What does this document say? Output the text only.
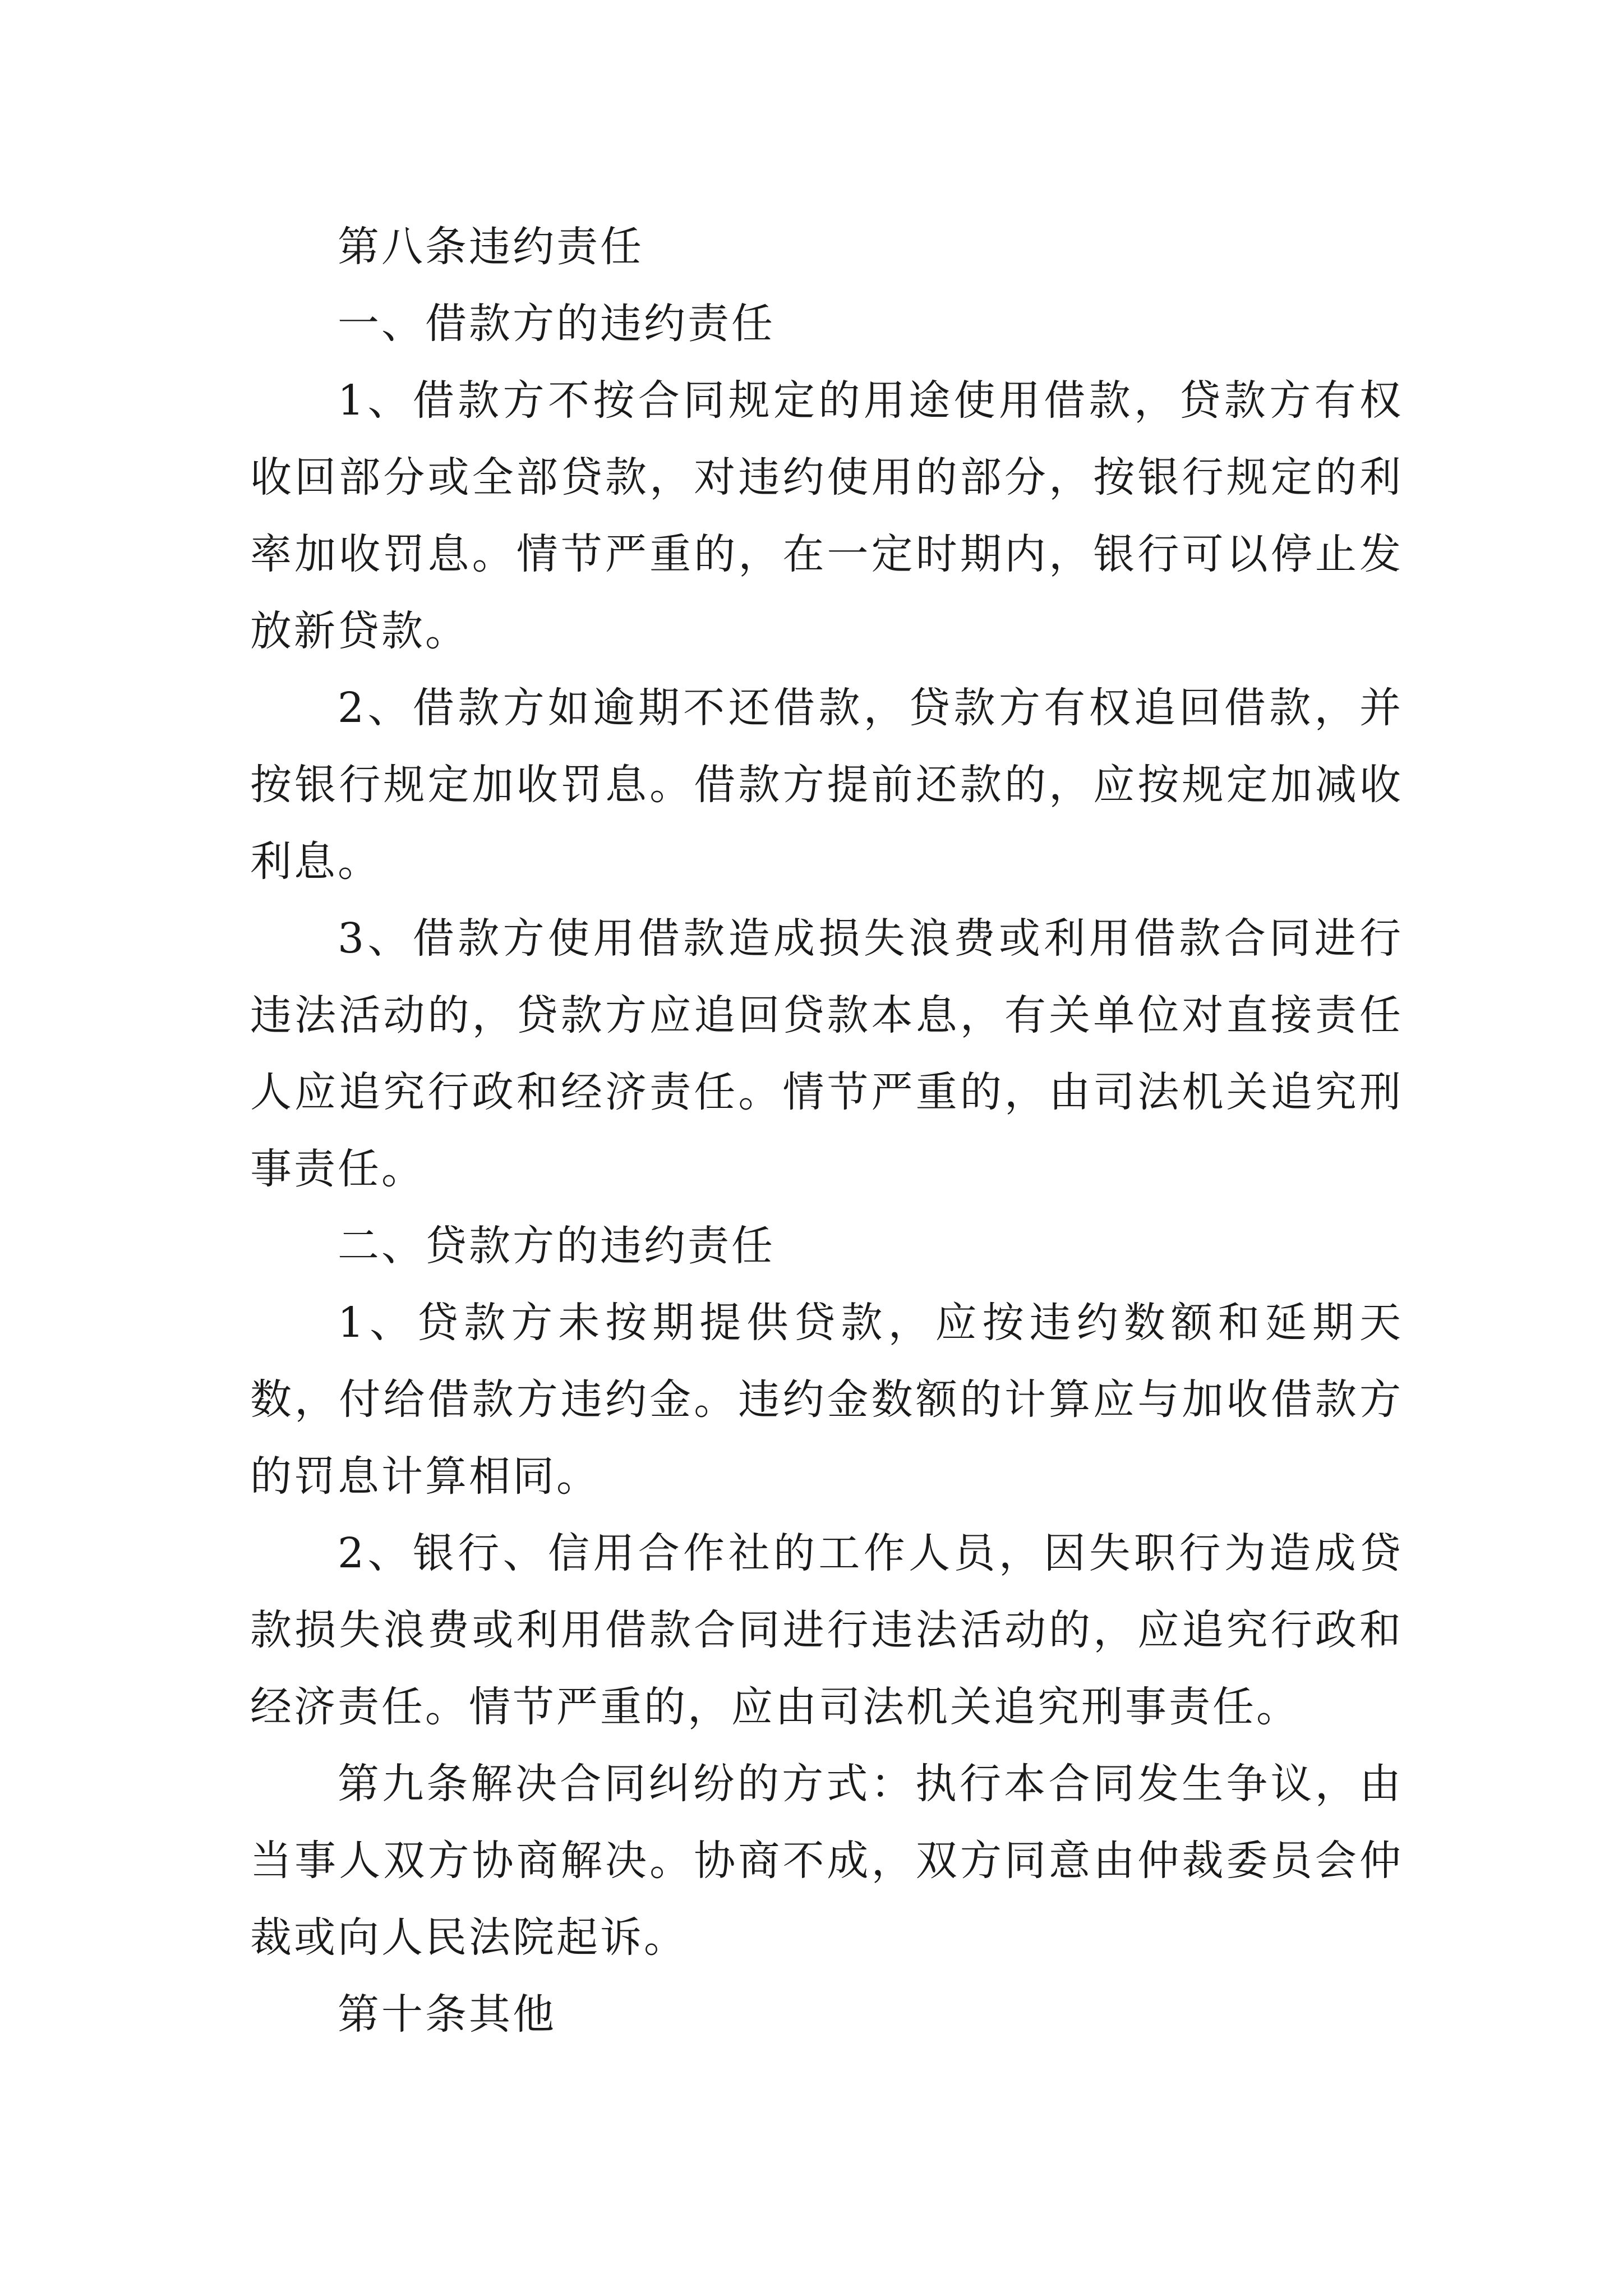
第八条违约责任

一、借款方的违约责任

1、借款方不按合同规定的用途使用借款，贷款方有权收回部分或全部贷款，对违约使用的部分，按银行规定的利率加收罚息。情节严重的，在一定时期内，银行可以停止发放新贷款。

2、借款方如逾期不还借款，贷款方有权追回借款，并按银行规定加收罚息。借款方提前还款的，应按规定加减收利息。

3、借款方使用借款造成损失浪费或利用借款合同进行违法活动的，贷款方应追回贷款本息，有关单位对直接责任人应追究行政和经济责任。情节严重的，由司法机关追究刑事责任。

二、贷款方的违约责任

1、贷款方未按期提供贷款，应按违约数额和延期天数，付给借款方违约金。违约金数额的计算应与加收借款方的罚息计算相同。

2、银行、信用合作社的工作人员，因失职行为造成贷款损失浪费或利用借款合同进行违法活动的，应追究行政和经济责任。情节严重的，应由司法机关追究刑事责任。

第九条解决合同纠纷的方式：执行本合同发生争议，由当事人双方协商解决。协商不成，双方同意由仲裁委员会仲裁或向人民法院起诉。

第十条其他
